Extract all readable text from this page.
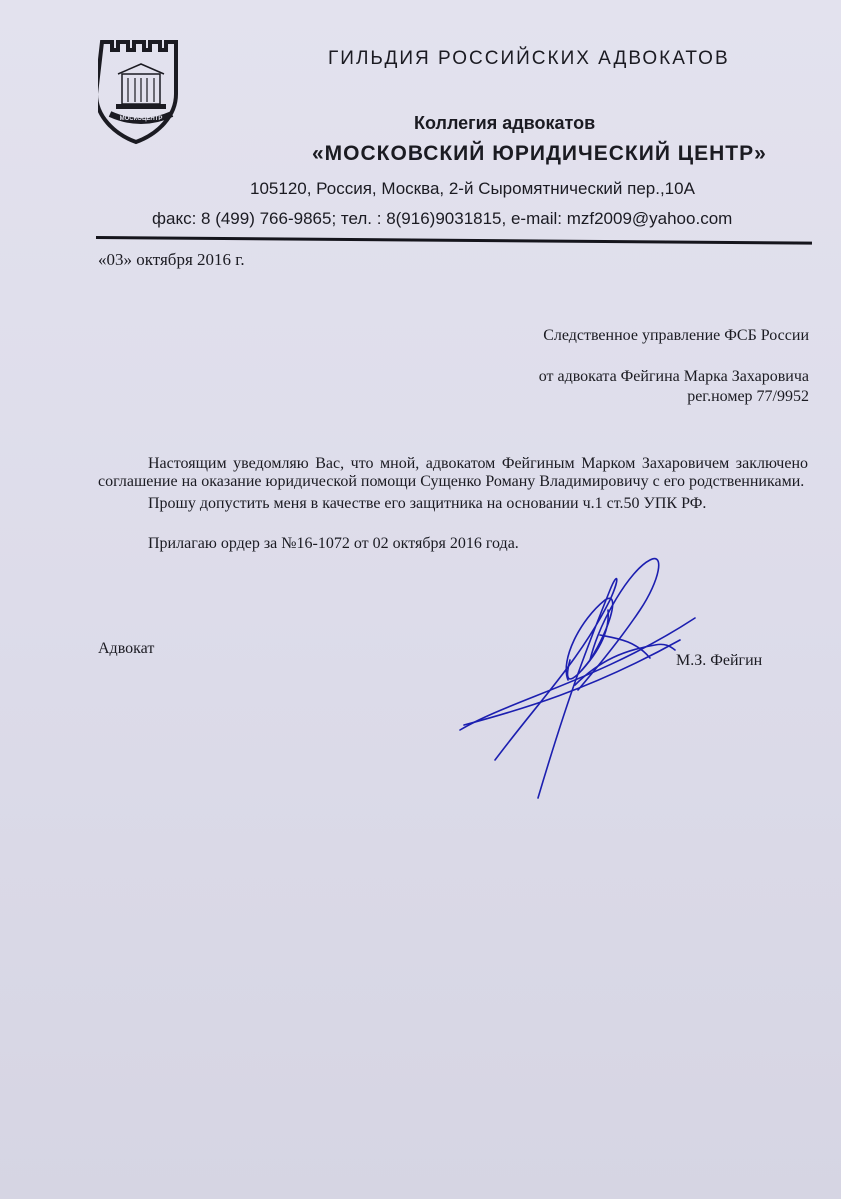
МОСКОЦЕНТР
ГИЛЬДИЯ РОССИЙСКИХ АДВОКАТОВ
Коллегия адвокатов
«МОСКОВСКИЙ ЮРИДИЧЕСКИЙ ЦЕНТР»
105120, Россия, Москва, 2-й Сыромятнический пер.,10А
факс: 8 (499) 766-9865; тел. : 8(916)9031815, e-mail: mzf2009@yahoo.com
«03» октября 2016 г.
Следственное управление ФСБ России
от адвоката Фейгина Марка Захаровича
рег.номер 77/9952

Настоящим уведомляю Вас, что мной, адвокатом Фейгиным Марком Захаровичем заключено соглашение на оказание юридической помощи Сущенко Роману Владимировичу с его родственниками.

Прошу допустить меня в качестве его защитника на основании ч.1 ст.50 УПК РФ.

Прилагаю ордер за №16-1072 от 02 октября 2016 года.

Адвокат
М.З. Фейгин
